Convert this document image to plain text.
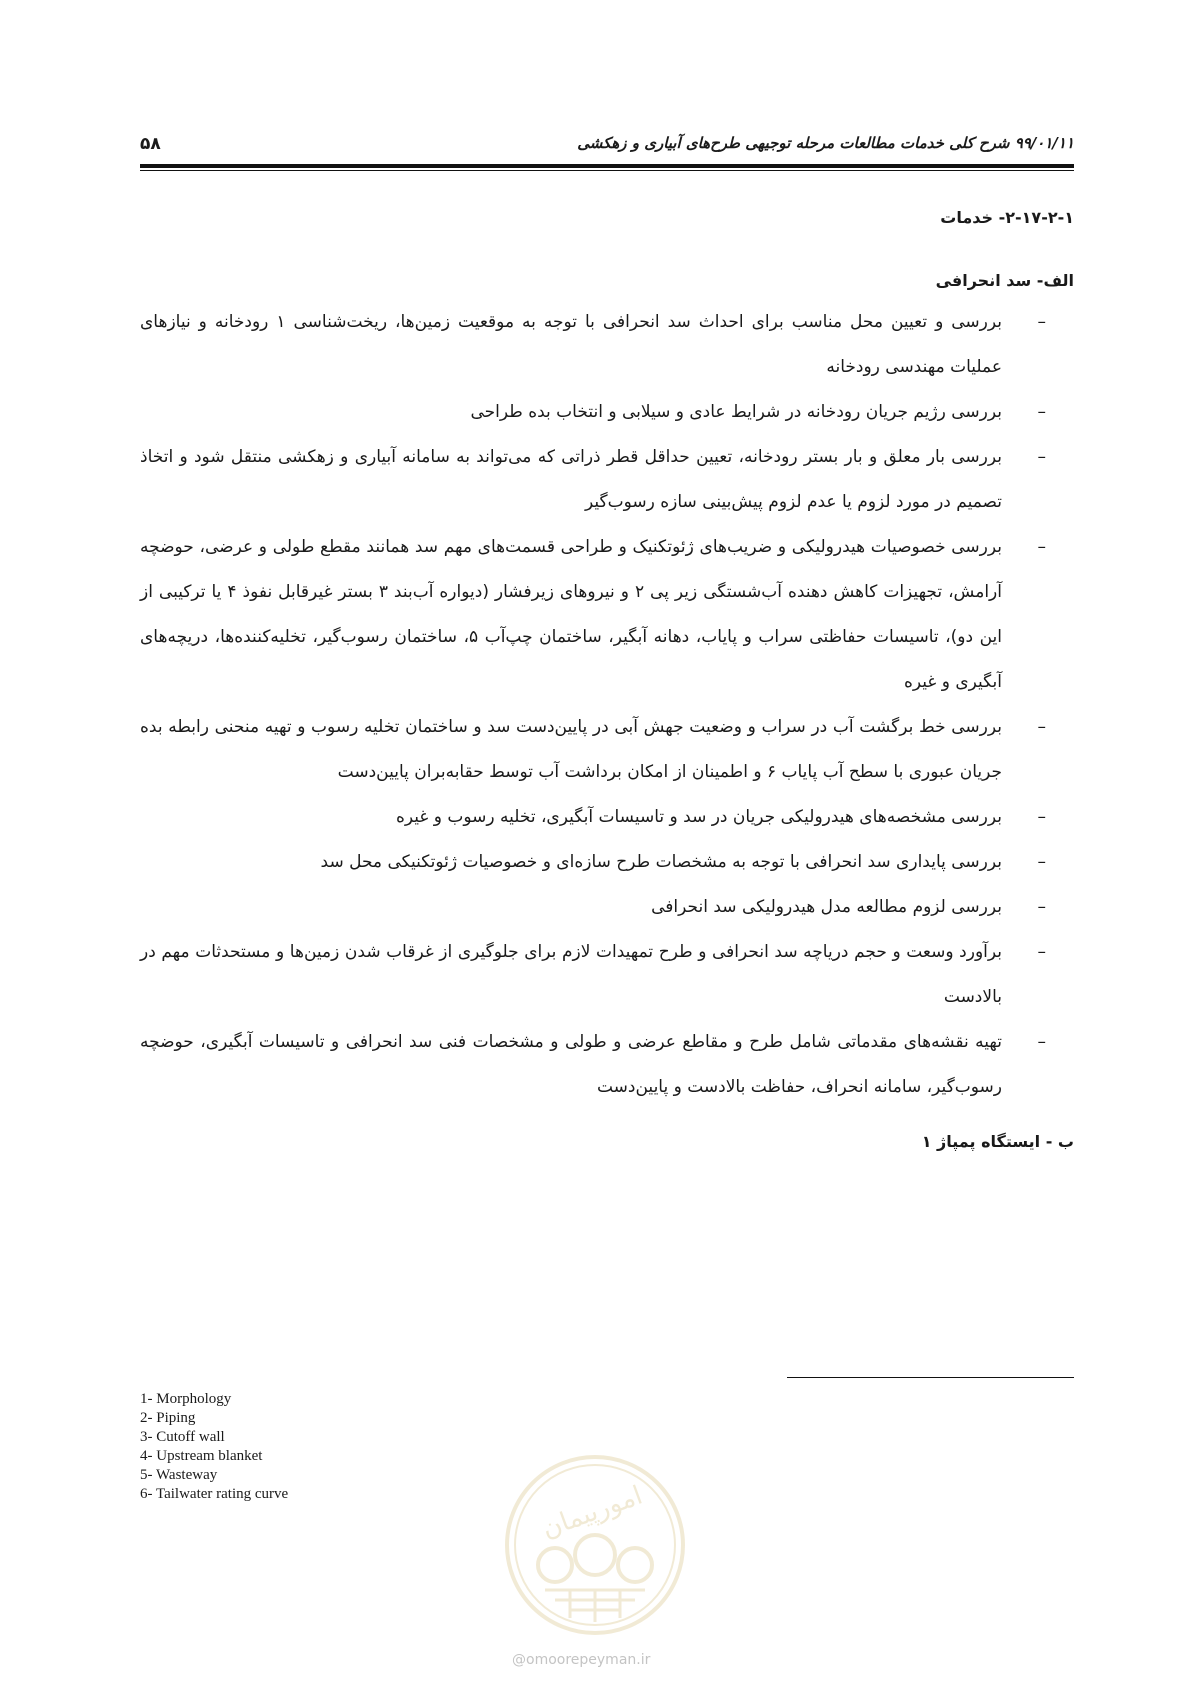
۹۹/۰۱/۱۱ شرح کلی خدمات مطالعات مرحله توجیهی طرح‌های آبیاری و زهکشی
۵۸
۲-۱۷-۲-۱- خدمات
الف- سد انحرافی
–
بررسی و تعیین محل مناسب برای احداث سد انحرافی با توجه به موقعیت زمین‌ها، ریخت‌شناسی ۱ رودخانه و نیازهای عملیات مهندسی رودخانه
–
بررسی رژیم جریان رودخانه در شرایط عادی و سیلابی و انتخاب بده طراحی
–
بررسی بار معلق و بار بستر رودخانه، تعیین حداقل قطر ذراتی که می‌تواند به سامانه آبیاری و زهکشی منتقل شود و اتخاذ تصمیم در مورد لزوم یا عدم لزوم پیش‌بینی سازه رسوب‌گیر
–
بررسی خصوصیات هیدرولیکی و ضریب‌های ژئوتکنیک و طراحی قسمت‌های مهم سد همانند مقطع طولی و عرضی، حوضچه آرامش، تجهیزات کاهش دهنده آب‌شستگی زیر پی ۲ و نیروهای زیرفشار (دیواره آب‌بند ۳ بستر غیرقابل نفوذ ۴ یا ترکیبی از این دو)، تاسیسات حفاظتی سراب و پایاب، دهانه آبگیر، ساختمان چپ‌آب ۵، ساختمان رسوب‌گیر، تخلیه‌کننده‌ها، دریچه‌های آبگیری و غیره
–
بررسی خط برگشت آب در سراب و وضعیت جهش آبی در پایین‌دست سد و ساختمان تخلیه رسوب و تهیه منحنی رابطه بده جریان عبوری با سطح آب پایاب ۶ و اطمینان از امکان برداشت آب توسط حقابه‌بران پایین‌دست
–
بررسی مشخصه‌های هیدرولیکی جریان در سد و تاسیسات آبگیری، تخلیه رسوب و غیره
–
بررسی پایداری سد انحرافی با توجه به مشخصات طرح سازه‌ای و خصوصیات ژئوتکنیکی محل سد
–
بررسی لزوم مطالعه مدل هیدرولیکی سد انحرافی
–
برآورد وسعت و حجم دریاچه سد انحرافی و طرح تمهیدات لازم برای جلوگیری از غرقاب شدن زمین‌ها و مستحدثات مهم در بالادست
–
تهیه نقشه‌های مقدماتی شامل طرح و مقاطع عرضی و طولی و مشخصات فنی سد انحرافی و تاسیسات آبگیری، حوضچه رسوب‌گیر، سامانه انحراف، حفاظت بالادست و پایین‌دست
ب - ایستگاه پمپاژ ۱
1- Morphology
2- Piping
3- Cutoff wall
4- Upstream blanket
5- Wasteway
6- Tailwater rating curve	امورپیمان
@omoorepeyman.ir
